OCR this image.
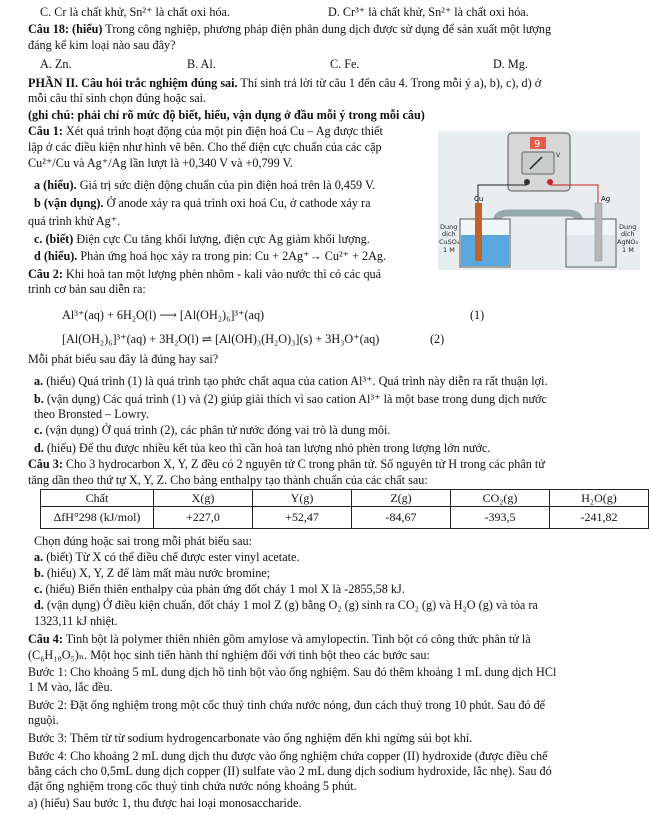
C. Cr là chất khử, Sn²⁺ là chất oxi hóa.	D. Cr³⁺ là chất khử, Sn²⁺ là chất oxi hóa.
Câu 18: (hiểu) Trong công nghiệp, phương pháp điện phân dung dịch được sử dụng để sản xuất một lượng
đáng kể kim loại nào sau đây?
A. Zn.	B. Al.	C. Fe.	D. Mg.
PHẦN II. Câu hỏi trắc nghiệm đúng sai. Thí sinh trả lời từ câu 1 đến câu 4. Trong mỗi ý a), b), c), d) ở
mỗi câu thí sinh chọn đúng hoặc sai.
(ghi chú: phải chỉ rõ mức độ biết, hiểu, vận dụng ở đầu mỗi ý trong mỗi câu)
Câu 1: Xét quá trình hoạt động của một pin điện hoá Cu – Ag được thiết
lập ở các điều kiện như hình vẽ bên. Cho thế điện cực chuẩn của các cặp
Cu²⁺/Cu và Ag⁺/Ag lần lượt là +0,340 V và +0,799 V.
a (hiểu). Giá trị sức điện động chuẩn của pin điện hoá trên là 0,459 V.
b (vận dụng). Ở anode xảy ra quá trình oxi hoá Cu, ở cathode xảy ra
quá trình khử Ag⁺.
c. (biết) Điện cực Cu tăng khối lượng, điện cực Ag giảm khối lượng.
d (hiểu). Phản ứng hoá học xảy ra trong pin: Cu + 2Ag⁺→ Cu²⁺ + 2Ag.
9
V
Cu	Ag
Dung
dịch
CuSO₄
1 M
Dung
dịch
AgNO₃
1 M
Câu 2: Khi hoà tan một lượng phèn nhôm - kali vào nước thì có các quá
trình cơ bản sau diễn ra:
Al³⁺(aq) + 6H₂O(l) ⟶ [Al(OH₂)₆]³⁺(aq)	(1)
[Al(OH₂)₆]³⁺(aq) + 3H₂O(l) ⇌ [Al(OH)₃(H₂O)₃](s) + 3H₃O⁺(aq)	(2)
Mỗi phát biểu sau đây là đúng hay sai?
a. (hiểu) Quá trình (1) là quá trình tạo phức chất aqua của cation Al³⁺. Quá trình này diễn ra rất thuận lợi.
b. (vận dụng) Các quá trình (1) và (2) giúp giải thích vì sao cation Al³⁺ là một base trong dung dịch nước
theo Bronsted – Lowry.
c. (vận dụng) Ở quá trình (2), các phân tử nước đóng vai trò là dung môi.
d. (hiểu) Để thu được nhiều kết tủa keo thì cần hoà tan lượng nhỏ phèn trong lượng lớn nước.
Câu 3: Cho 3 hydrocarbon X, Y, Z đều có 2 nguyên tử C trong phân tử. Số nguyên tử H trong các phân tử
tăng dần theo thứ tự X, Y, Z. Cho bảng enthalpy tạo thành chuẩn của các chất sau:
Chất	X(g)	Y(g)	Z(g)	CO₂(g)	H₂O(g)
ΔfH°298 (kJ/mol)	+227,0	+52,47	-84,67	-393,5	-241,82
Chọn đúng hoặc sai trong mỗi phát biểu sau:
a. (biết) Từ X có thể điều chế được ester vinyl acetate.
b. (hiểu) X, Y, Z để làm mất màu nước bromine;
c. (hiểu) Biến thiên enthalpy của phản ứng đốt cháy 1 mol X là -2855,58 kJ.
d. (vận dụng) Ở điều kiện chuẩn, đốt cháy 1 mol Z (g) bằng O₂ (g) sinh ra CO₂ (g) và H₂O (g) và tỏa ra
1323,11 kJ nhiệt.
Câu 4: Tinh bột là polymer thiên nhiên gồm amylose và amylopectin. Tinh bột có công thức phân tử là
(C₆H₁₀O₅)ₙ. Một học sinh tiến hành thí nghiệm đối với tinh bột theo các bước sau:
Bước 1: Cho khoảng 5 mL dung dịch hồ tinh bột vào ống nghiệm. Sau đó thêm khoảng 1 mL dung dịch HCl
1 M vào, lắc đều.
Bước 2: Đặt ống nghiệm trong một cốc thuỷ tinh chứa nước nóng, đun cách thuỷ trong 10 phút. Sau đó để
nguội.
Bước 3: Thêm từ từ sodium hydrogencarbonate vào ống nghiệm đến khi ngừng sủi bọt khí.
Bước 4: Cho khoảng 2 mL dung dịch thu được vào ống nghiệm chứa copper (II) hydroxide (được điều chế
bằng cách cho 0,5mL dung dịch copper (II) sulfate vào 2 mL dung dịch sodium hydroxide, lắc nhẹ). Sau đó
đặt ống nghiệm trong cốc thuỷ tinh chứa nước nóng khoảng 5 phút.
a) (hiểu) Sau bước 1, thu được hai loại monosaccharide.
